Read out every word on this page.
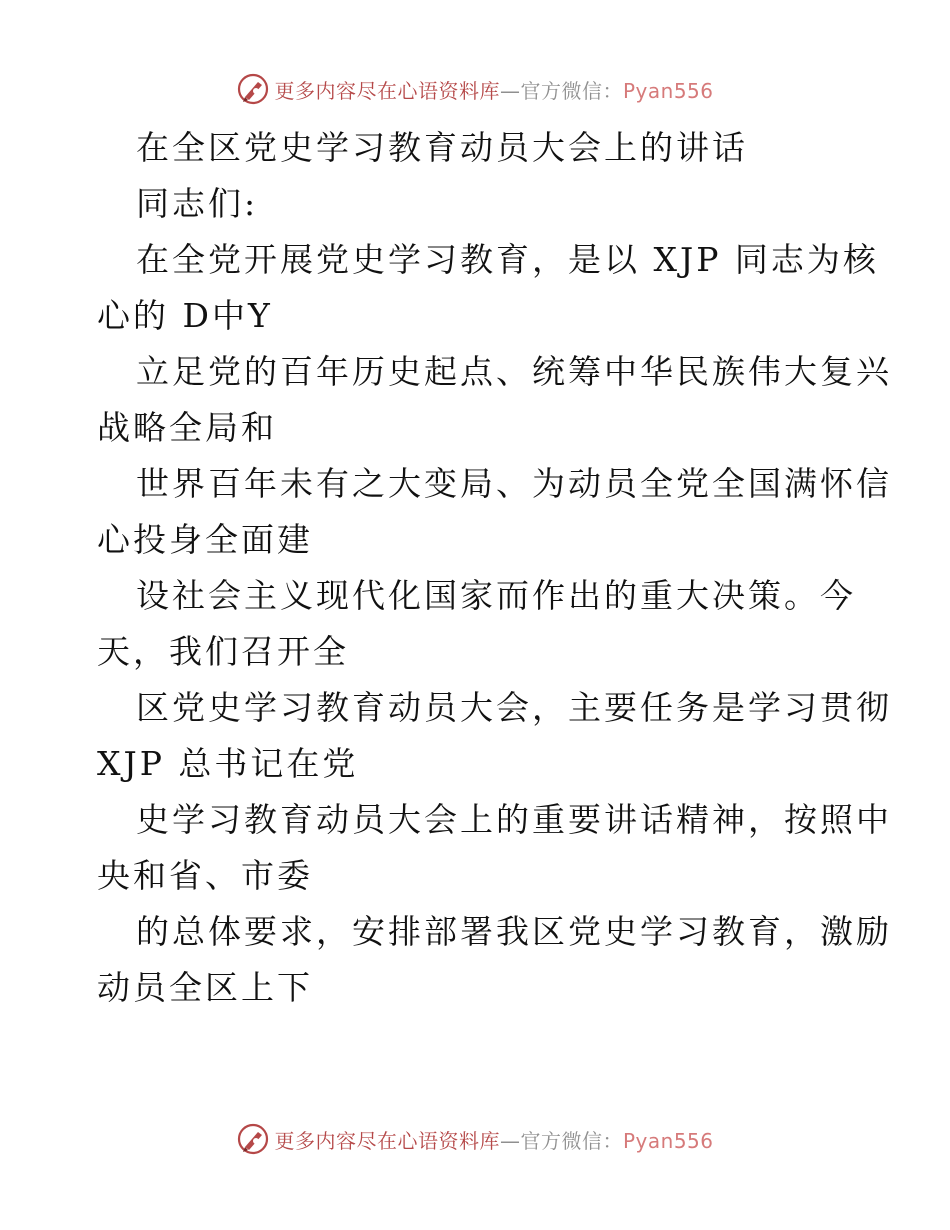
更多内容尽在心语资料库—官方微信：Pyan556
在全区党史学习教育动员大会上的讲话
同志们:
在全党开展党史学习教育，是以 XJP 同志为核
心的 D中Y
立足党的百年历史起点、统筹中华民族伟大复兴
战略全局和
世界百年未有之大变局、为动员全党全国满怀信
心投身全面建
设社会主义现代化国家而作出的重大决策。今
天，我们召开全
区党史学习教育动员大会，主要任务是学习贯彻
XJP 总书记在党
史学习教育动员大会上的重要讲话精神，按照中
央和省、市委
的总体要求，安排部署我区党史学习教育，激励
动员全区上下
更多内容尽在心语资料库—官方微信：Pyan556
